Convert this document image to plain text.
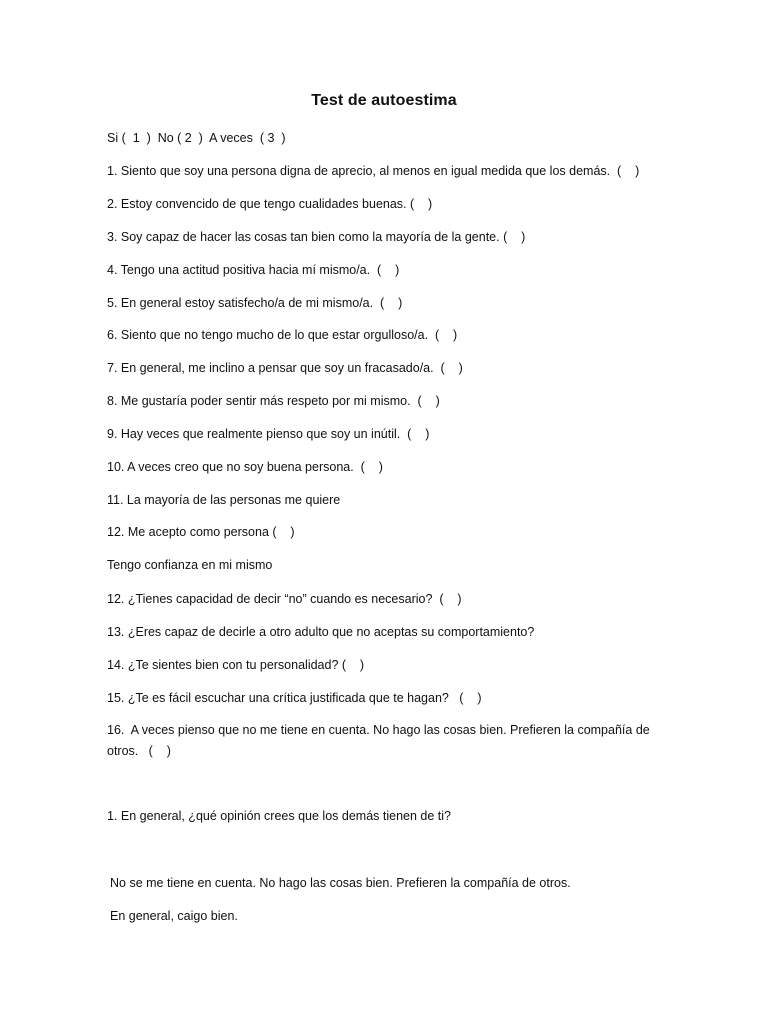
Test de autoestima
Si (  1  )  No ( 2  )  A veces  ( 3  )
1. Siento que soy una persona digna de aprecio, al menos en igual medida que los demás.  (    )
2. Estoy convencido de que tengo cualidades buenas. (    )
3. Soy capaz de hacer las cosas tan bien como la mayoría de la gente. (    )
4. Tengo una actitud positiva hacia mí mismo/a.  (    )
5. En general estoy satisfecho/a de mi mismo/a.  (    )
6. Siento que no tengo mucho de lo que estar orgulloso/a.  (    )
7. En general, me inclino a pensar que soy un fracasado/a.  (    )
8. Me gustaría poder sentir más respeto por mi mismo.  (    )
9. Hay veces que realmente pienso que soy un inútil.  (    )
10. A veces creo que no soy buena persona.  (    )
11. La mayoría de las personas me quiere
12. Me acepto como persona (    )
Tengo confianza en mi mismo
12. ¿Tienes capacidad de decir “no” cuando es necesario?  (    )
13. ¿Eres capaz de decirle a otro adulto que no aceptas su comportamiento?
14. ¿Te sientes bien con tu personalidad? (    )
15. ¿Te es fácil escuchar una crítica justificada que te hagan?   (    )
16.  A veces pienso que no me tiene en cuenta. No hago las cosas bien. Prefieren la compañía de otros.   (    )
1. En general, ¿qué opinión crees que los demás tienen de ti?
No se me tiene en cuenta. No hago las cosas bien. Prefieren la compañía de otros.
En general, caigo bien.
